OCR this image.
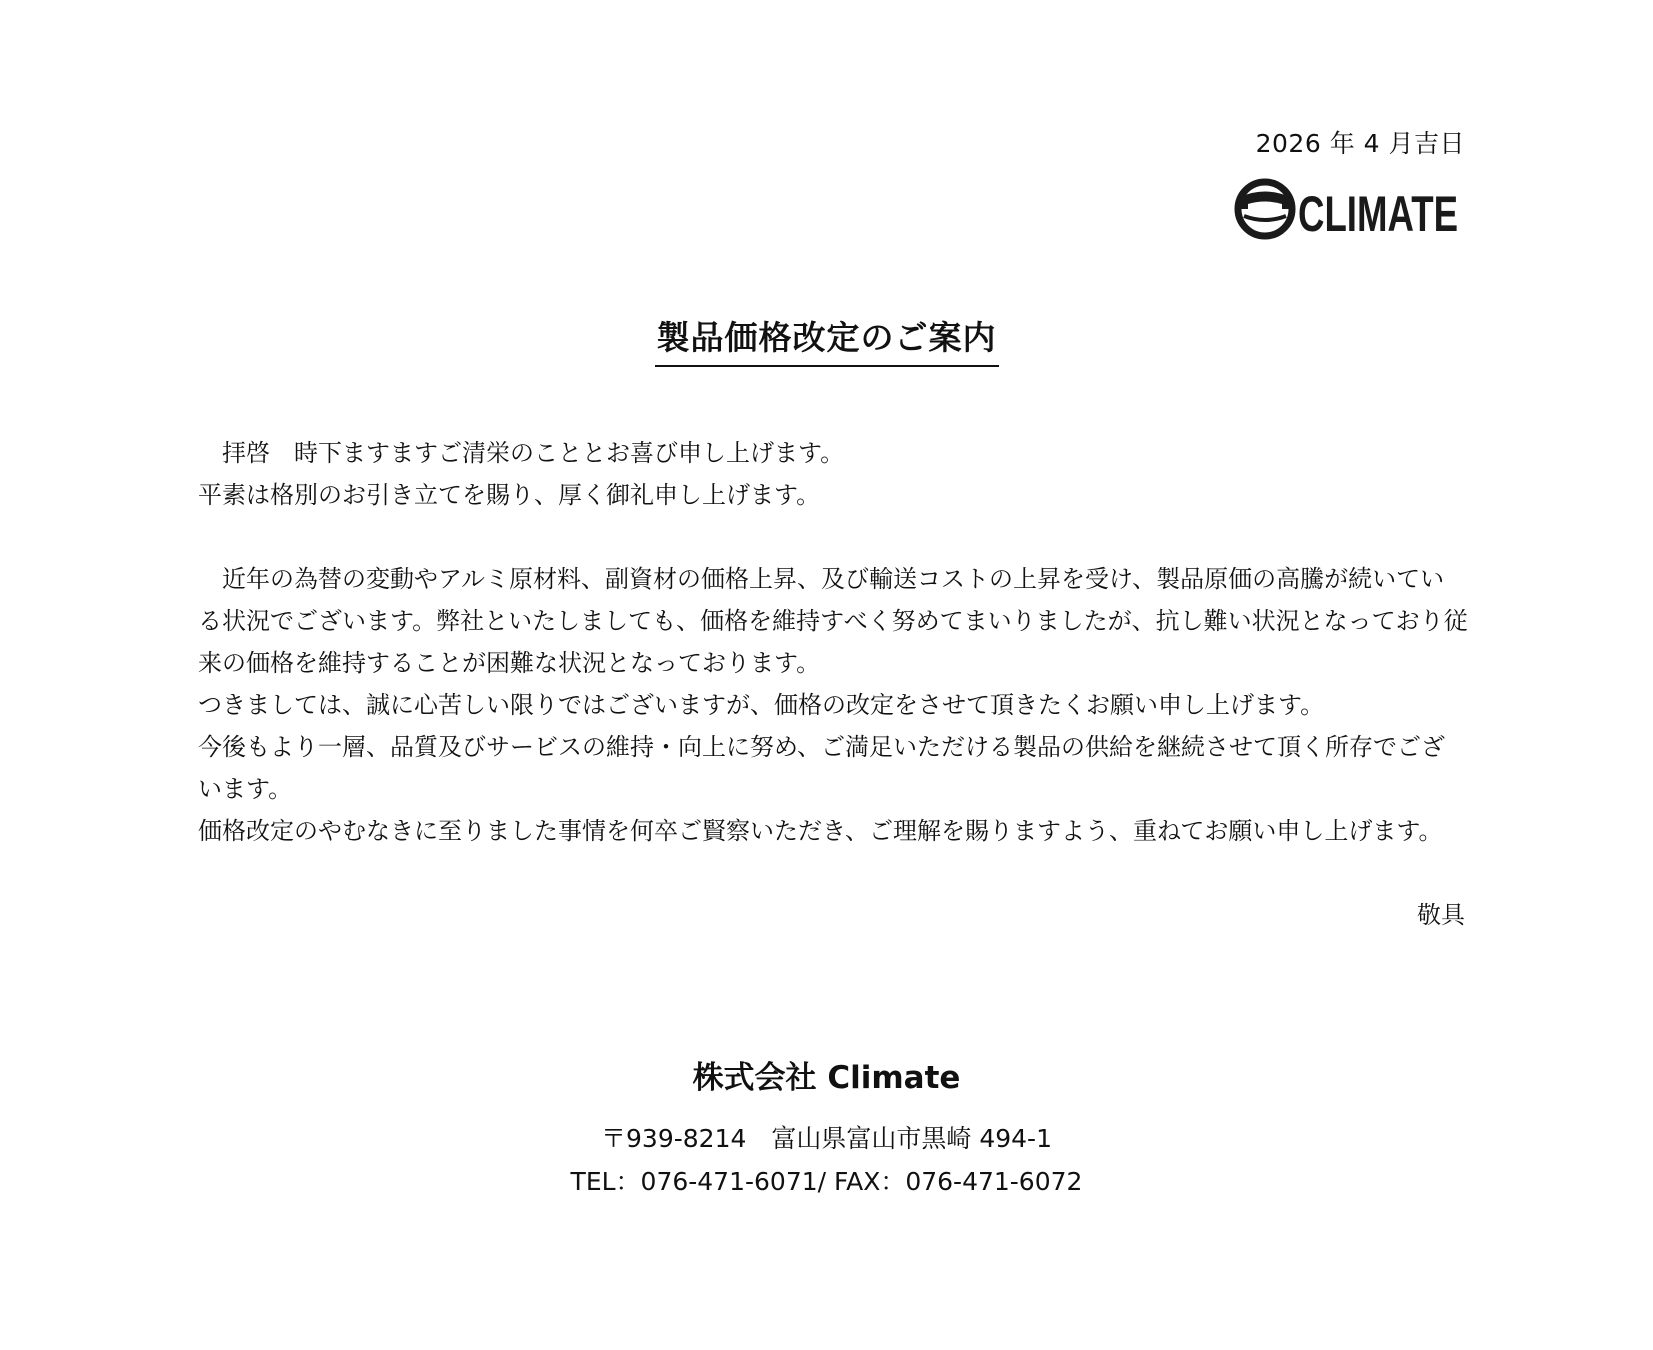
2026 年 4 月吉日
CLIMATE
製品価格改定のご案内

拝啓　時下ますますご清栄のこととお喜び申し上げます。

平素は格別のお引き立てを賜り、厚く御礼申し上げます。

近年の為替の変動やアルミ原材料、副資材の価格上昇、及び輸送コストの上昇を受け、製品原価の高騰が続いている状況でございます。弊社といたしましても、価格を維持すべく努めてまいりましたが、抗し難い状況となっており従来の価格を維持することが困難な状況となっております。

つきましては、誠に心苦しい限りではございますが、価格の改定をさせて頂きたくお願い申し上げます。

今後もより一層、品質及びサービスの維持・向上に努め、ご満足いただける製品の供給を継続させて頂く所存でございます。

価格改定のやむなきに至りました事情を何卒ご賢察いただき、ご理解を賜りますよう、重ねてお願い申し上げます。

敬具
株式会社 Climate
〒939-8214　富山県富山市黒崎 494-1
TEL：076-471-6071/ FAX：076-471-6072
